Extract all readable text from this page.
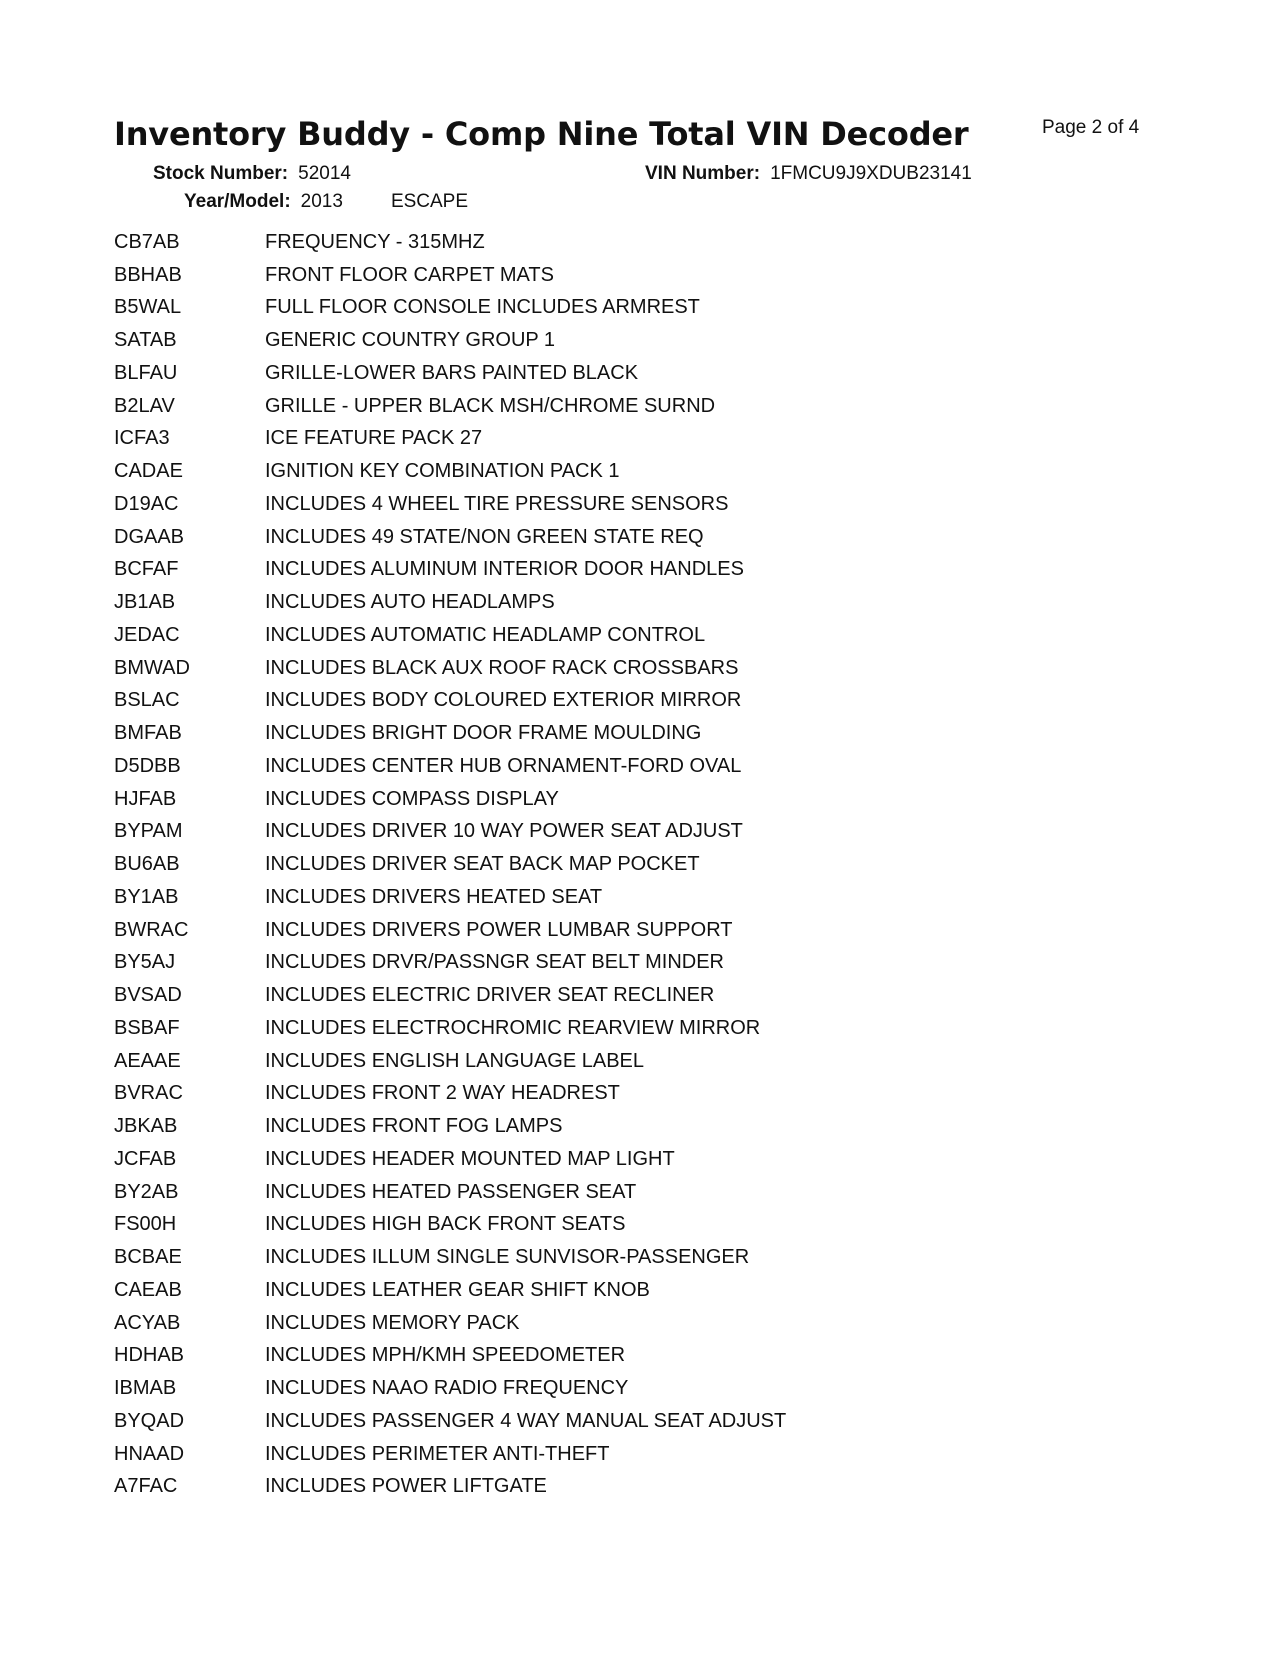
Inventory Buddy - Comp Nine Total VIN Decoder	Page 2 of 4
Stock Number: 52014	VIN Number: 1FMCU9J9XDUB23141
Year/Model: 2013	ESCAPE
CB7AB	FREQUENCY - 315MHZ
BBHAB	FRONT FLOOR CARPET MATS
B5WAL	FULL FLOOR CONSOLE INCLUDES ARMREST
SATAB	GENERIC COUNTRY GROUP 1
BLFAU	GRILLE-LOWER BARS PAINTED BLACK
B2LAV	GRILLE - UPPER BLACK MSH/CHROME SURND
ICFA3	ICE FEATURE PACK 27
CADAE	IGNITION KEY COMBINATION PACK 1
D19AC	INCLUDES 4 WHEEL TIRE PRESSURE SENSORS
DGAAB	INCLUDES 49 STATE/NON GREEN STATE REQ
BCFAF	INCLUDES ALUMINUM INTERIOR DOOR HANDLES
JB1AB	INCLUDES AUTO HEADLAMPS
JEDAC	INCLUDES AUTOMATIC HEADLAMP CONTROL
BMWAD	INCLUDES BLACK AUX ROOF RACK CROSSBARS
BSLAC	INCLUDES BODY COLOURED EXTERIOR MIRROR
BMFAB	INCLUDES BRIGHT DOOR FRAME MOULDING
D5DBB	INCLUDES CENTER HUB ORNAMENT-FORD OVAL
HJFAB	INCLUDES COMPASS DISPLAY
BYPAM	INCLUDES DRIVER 10 WAY POWER SEAT ADJUST
BU6AB	INCLUDES DRIVER SEAT BACK MAP POCKET
BY1AB	INCLUDES DRIVERS HEATED SEAT
BWRAC	INCLUDES DRIVERS POWER LUMBAR SUPPORT
BY5AJ	INCLUDES DRVR/PASSNGR SEAT BELT MINDER
BVSAD	INCLUDES ELECTRIC DRIVER SEAT RECLINER
BSBAF	INCLUDES ELECTROCHROMIC REARVIEW MIRROR
AEAAE	INCLUDES ENGLISH LANGUAGE LABEL
BVRAC	INCLUDES FRONT 2 WAY HEADREST
JBKAB	INCLUDES FRONT FOG LAMPS
JCFAB	INCLUDES HEADER MOUNTED MAP LIGHT
BY2AB	INCLUDES HEATED PASSENGER SEAT
FS00H	INCLUDES HIGH BACK FRONT SEATS
BCBAE	INCLUDES ILLUM SINGLE SUNVISOR-PASSENGER
CAEAB	INCLUDES LEATHER GEAR SHIFT KNOB
ACYAB	INCLUDES MEMORY PACK
HDHAB	INCLUDES MPH/KMH SPEEDOMETER
IBMAB	INCLUDES NAAO RADIO FREQUENCY
BYQAD	INCLUDES PASSENGER 4 WAY MANUAL SEAT ADJUST
HNAAD	INCLUDES PERIMETER ANTI-THEFT
A7FAC	INCLUDES POWER LIFTGATE
